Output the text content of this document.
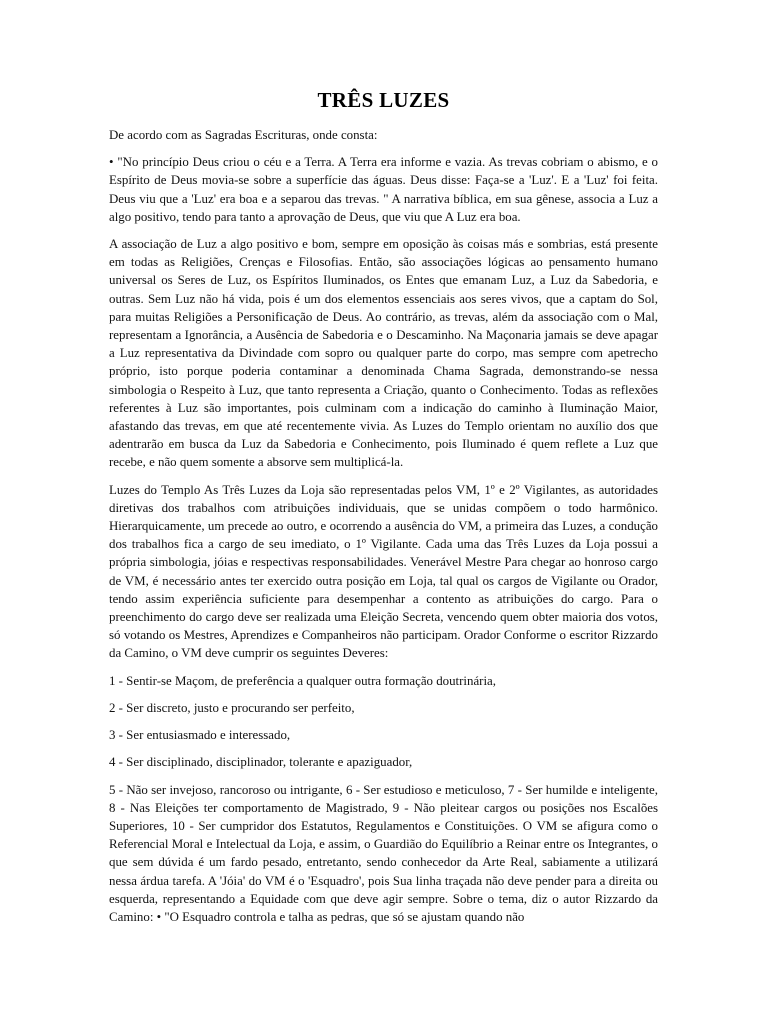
TRÊS LUZES

De acordo com as Sagradas Escrituras, onde consta:

• "No princípio Deus criou o céu e a Terra. A Terra era informe e vazia. As trevas cobriam o abismo, e o Espírito de Deus movia-se sobre a superfície das águas. Deus disse: Faça-se a 'Luz'. E a 'Luz' foi feita. Deus viu que a 'Luz' era boa e a separou das trevas. " A narrativa bíblica, em sua gênese, associa a Luz a algo positivo, tendo para tanto a aprovação de Deus, que viu que A Luz era boa.

A associação de Luz a algo positivo e bom, sempre em oposição às coisas más e sombrias, está presente em todas as Religiões, Crenças e Filosofias. Então, são associações lógicas ao pensamento humano universal os Seres de Luz, os Espíritos Iluminados, os Entes que emanam Luz, a Luz da Sabedoria, e outras. Sem Luz não há vida, pois é um dos elementos essenciais aos seres vivos, que a captam do Sol, para muitas Religiões a Personificação de Deus. Ao contrário, as trevas, além da associação com o Mal, representam a Ignorância, a Ausência de Sabedoria e o Descaminho. Na Maçonaria jamais se deve apagar a Luz representativa da Divindade com sopro ou qualquer parte do corpo, mas sempre com apetrecho próprio, isto porque poderia contaminar a denominada Chama Sagrada, demonstrando-se nessa simbologia o Respeito à Luz, que tanto representa a Criação, quanto o Conhecimento. Todas as reflexões referentes à Luz são importantes, pois culminam com a indicação do caminho à Iluminação Maior, afastando das trevas, em que até recentemente vivia. As Luzes do Templo orientam no auxílio dos que adentrarão em busca da Luz da Sabedoria e Conhecimento, pois Iluminado é quem reflete a Luz que recebe, e não quem somente a absorve sem multiplicá-la.

Luzes do Templo As Três Luzes da Loja são representadas pelos VM, 1º e 2º Vigilantes, as autoridades diretivas dos trabalhos com atribuições individuais, que se unidas compõem o todo harmônico. Hierarquicamente, um precede ao outro, e ocorrendo a ausência do VM, a primeira das Luzes, a condução dos trabalhos fica a cargo de seu imediato, o 1º Vigilante. Cada uma das Três Luzes da Loja possui a própria simbologia, jóias e respectivas responsabilidades. Venerável Mestre Para chegar ao honroso cargo de VM, é necessário antes ter exercido outra posição em Loja, tal qual os cargos de Vigilante ou Orador, tendo assim experiência suficiente para desempenhar a contento as atribuições do cargo. Para o preenchimento do cargo deve ser realizada uma Eleição Secreta, vencendo quem obter maioria dos votos, só votando os Mestres, Aprendizes e Companheiros não participam. Orador Conforme o escritor Rizzardo da Camino, o VM deve cumprir os seguintes Deveres:

1 - Sentir-se Maçom, de preferência a qualquer outra formação doutrinária,

2 - Ser discreto, justo e procurando ser perfeito,

3 - Ser entusiasmado e interessado,

4 - Ser disciplinado, disciplinador, tolerante e apaziguador,

5 - Não ser invejoso, rancoroso ou intrigante, 6 - Ser estudioso e meticuloso, 7 - Ser humilde e inteligente, 8 - Nas Eleições ter comportamento de Magistrado, 9 - Não pleitear cargos ou posições nos Escalões Superiores, 10 - Ser cumpridor dos Estatutos, Regulamentos e Constituições. O VM se afigura como o Referencial Moral e Intelectual da Loja, e assim, o Guardião do Equilíbrio a Reinar entre os Integrantes, o que sem dúvida é um fardo pesado, entretanto, sendo conhecedor da Arte Real, sabiamente a utilizará nessa árdua tarefa. A 'Jóia' do VM é o 'Esquadro', pois Sua linha traçada não deve pender para a direita ou esquerda, representando a Equidade com que deve agir sempre. Sobre o tema, diz o autor Rizzardo da Camino: • "O Esquadro controla e talha as pedras, que só se ajustam quando não
